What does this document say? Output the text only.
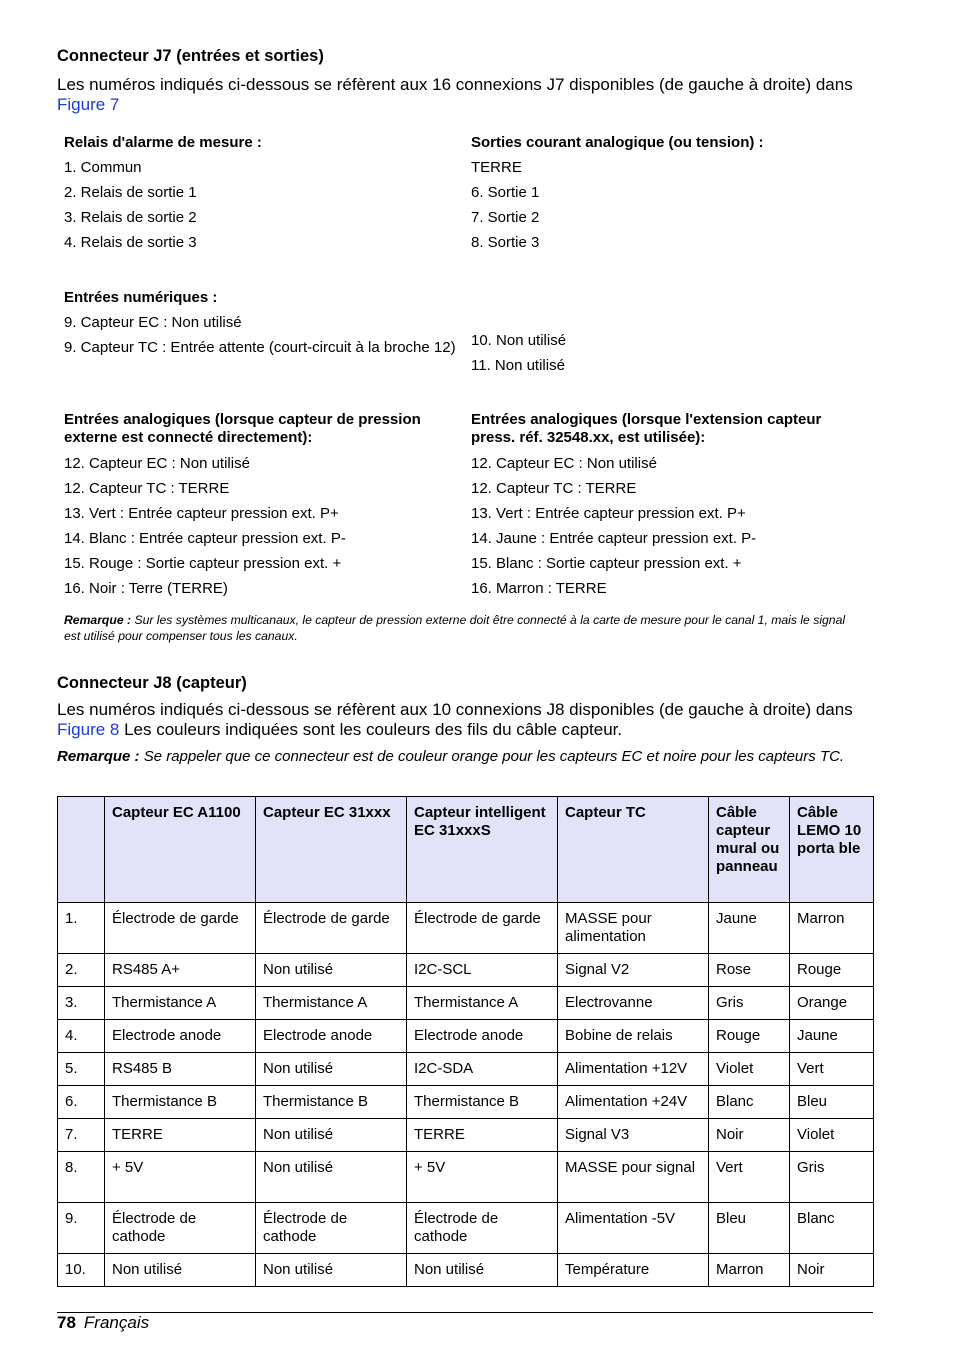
Connecteur J7 (entrées et sorties)

Les numéros indiqués ci-dessous se réfèrent aux 16 connexions J7 disponibles (de gauche à droite) dans Figure 7

Relais d'alarme de mesure :
1. Commun
2. Relais de sortie 1
3. Relais de sortie 2
4. Relais de sortie 3
Sorties courant analogique (ou tension) :
TERRE
6. Sortie 1
7. Sortie 2
8. Sortie 3
Entrées numériques :
9. Capteur EC : Non utilisé
9. Capteur TC : Entrée attente (court-circuit à la broche 12) 10. Non utilisé
11. Non utilisé
Entrées analogiques (lorsque capteur de pression externe est connecté directement):
12. Capteur EC : Non utilisé
12. Capteur TC : TERRE
13. Vert : Entrée capteur pression ext. P+
14. Blanc : Entrée capteur pression ext. P-
15. Rouge : Sortie capteur pression ext. +
16. Noir : Terre (TERRE)
Entrées analogiques (lorsque l'extension capteur press. réf. 32548.xx, est utilisée):
12. Capteur EC : Non utilisé
12. Capteur TC : TERRE
13. Vert : Entrée capteur pression ext. P+
14. Jaune : Entrée capteur pression ext. P-
15. Blanc : Sortie capteur pression ext. +
16. Marron : TERRE
Remarque : Sur les systèmes multicanaux, le capteur de pression externe doit être connecté à la carte de mesure pour le canal 1, mais le signal est utilisé pour compenser tous les canaux.
Connecteur J8 (capteur)

Les numéros indiqués ci-dessous se réfèrent aux 10 connexions J8 disponibles (de gauche à droite) dans Figure 8 Les couleurs indiquées sont les couleurs des fils du câble capteur.

Remarque : Se rappeler que ce connecteur est de couleur orange pour les capteurs EC et noire pour les capteurs TC.
	Capteur EC A1100	Capteur EC 31xxx	Capteur intelligent EC 31xxxS	Capteur TC	Câble capteur mural ou panneau	Câble LEMO 10 porta ble
1.	Électrode de garde	Électrode de garde	Électrode de garde	MASSE pour alimentation	Jaune	Marron
2.	RS485 A+	Non utilisé	I2C-SCL	Signal V2	Rose	Rouge
3.	Thermistance A	Thermistance A	Thermistance A	Electrovanne	Gris	Orange
4.	Electrode anode	Electrode anode	Electrode anode	Bobine de relais	Rouge	Jaune
5.	RS485 B	Non utilisé	I2C-SDA	Alimentation +12V	Violet	Vert
6.	Thermistance B	Thermistance B	Thermistance B	Alimentation +24V	Blanc	Bleu
7.	TERRE	Non utilisé	TERRE	Signal V3	Noir	Violet
8.	+ 5V	Non utilisé	+ 5V	MASSE pour signal	Vert	Gris
9.	Électrode de cathode	Électrode de cathode	Électrode de cathode	Alimentation -5V	Bleu	Blanc
10.	Non utilisé	Non utilisé	Non utilisé	Température	Marron	Noir
78 Français
